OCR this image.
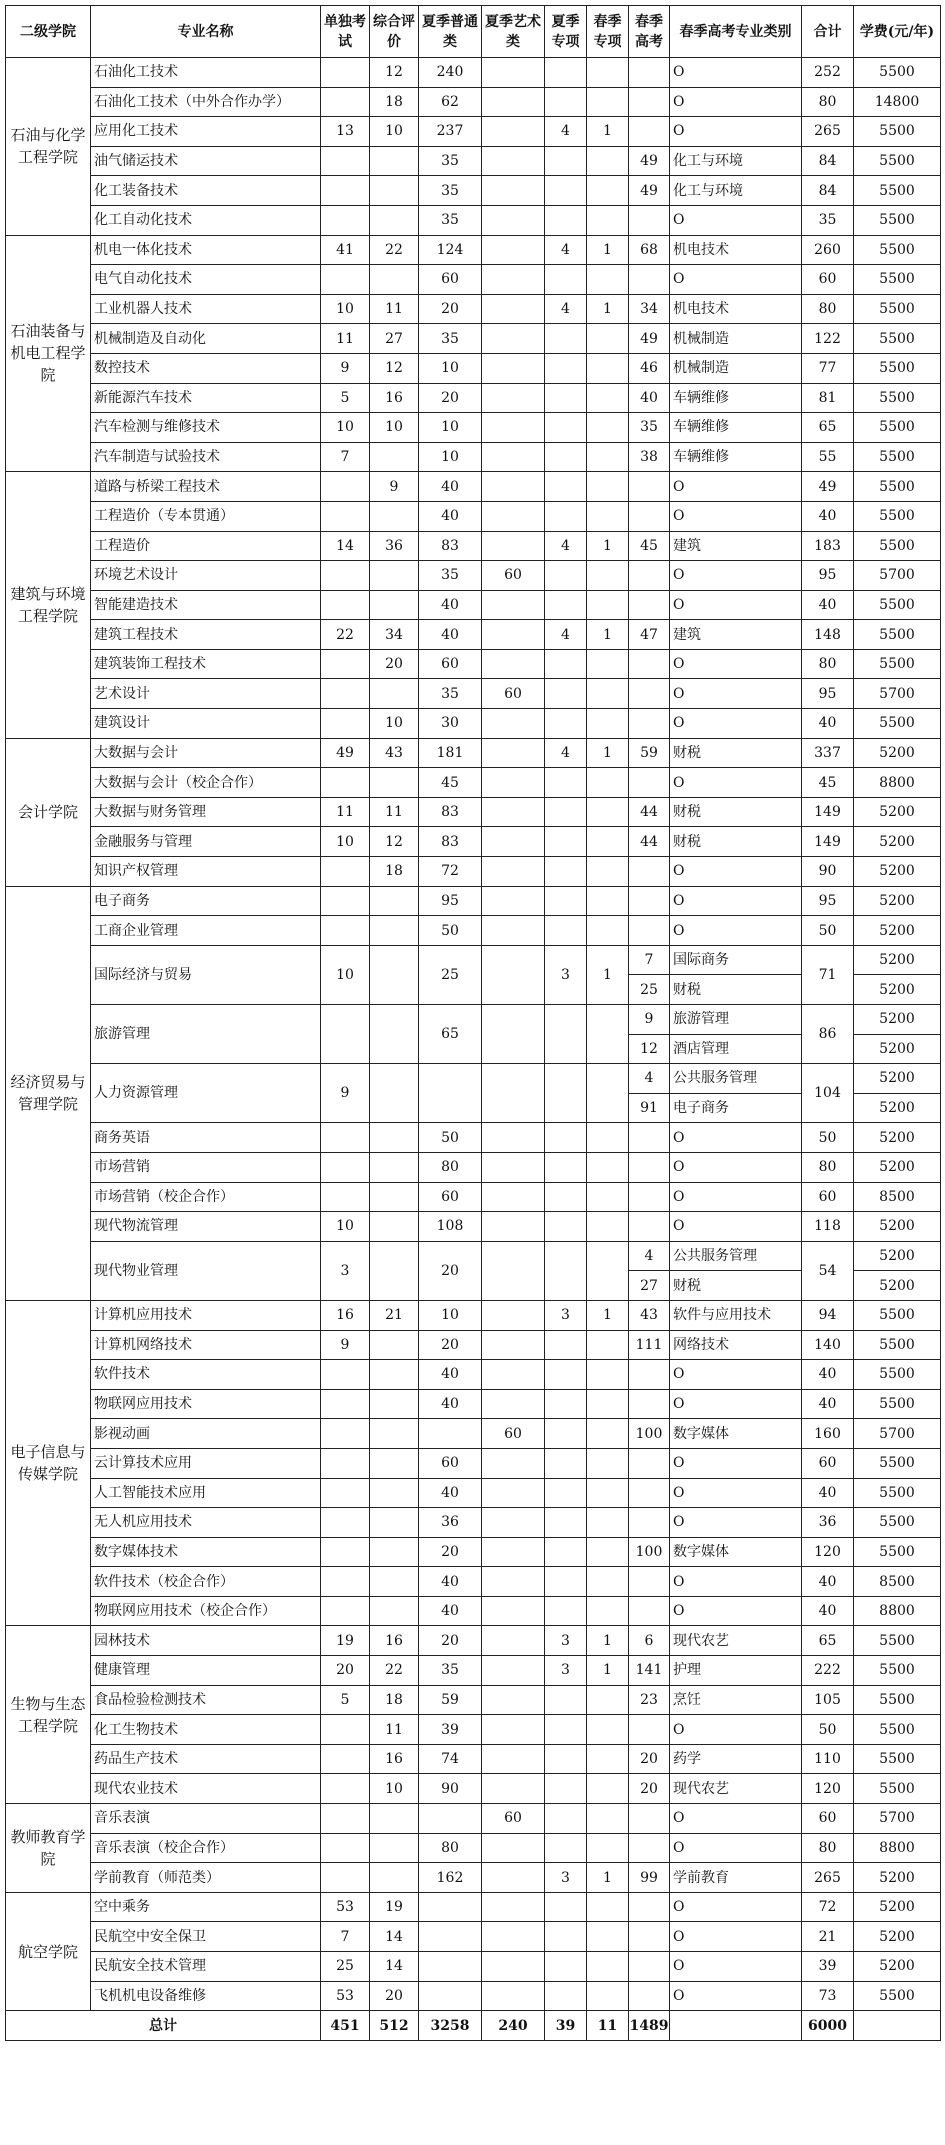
二级学院	专业名称	单独考试	综合评价	夏季普通类	夏季艺术类	夏季专项	春季专项	春季高考	春季高考专业类别	合计	学费(元/年)
石油与化学工程学院	石油化工技术		12	240					O	252	5500
	石油化工技术（中外合作办学）		18	62					O	80	14800
	应用化工技术	13	10	237		4	1		O	265	5500
	油气储运技术			35				49	化工与环境	84	5500
	化工装备技术			35				49	化工与环境	84	5500
	化工自动化技术			35					O	35	5500
石油装备与机电工程学院	机电一体化技术	41	22	124		4	1	68	机电技术	260	5500
	电气自动化技术			60					O	60	5500
	工业机器人技术	10	11	20		4	1	34	机电技术	80	5500
	机械制造及自动化	11	27	35				49	机械制造	122	5500
	数控技术	9	12	10				46	机械制造	77	5500
	新能源汽车技术	5	16	20				40	车辆维修	81	5500
	汽车检测与维修技术	10	10	10				35	车辆维修	65	5500
	汽车制造与试验技术	7		10				38	车辆维修	55	5500
建筑与环境工程学院	道路与桥梁工程技术		9	40					O	49	5500
	工程造价（专本贯通）			40					O	40	5500
	工程造价	14	36	83		4	1	45	建筑	183	5500
	环境艺术设计			35	60				O	95	5700
	智能建造技术			40					O	40	5500
	建筑工程技术	22	34	40		4	1	47	建筑	148	5500
	建筑装饰工程技术		20	60					O	80	5500
	艺术设计			35	60				O	95	5700
	建筑设计		10	30					O	40	5500
会计学院	大数据与会计	49	43	181		4	1	59	财税	337	5200
	大数据与会计（校企合作）			45					O	45	8800
	大数据与财务管理	11	11	83				44	财税	149	5200
	金融服务与管理	10	12	83				44	财税	149	5200
	知识产权管理		18	72					O	90	5200
经济贸易与管理学院	电子商务			95					O	95	5200
	工商企业管理			50					O	50	5200
	国际经济与贸易	10		25		3	1	7	国际商务	71	5200
								25	财税		5200
	旅游管理			65				9	旅游管理	86	5200
								12	酒店管理		5200
	人力资源管理	9						4	公共服务管理	104	5200
								91	电子商务		5200
	商务英语			50					O	50	5200
	市场营销			80					O	80	5200
	市场营销（校企合作）			60					O	60	8500
	现代物流管理	10		108					O	118	5200
	现代物业管理	3		20				4	公共服务管理	54	5200
								27	财税		5200
电子信息与传媒学院	计算机应用技术	16	21	10		3	1	43	软件与应用技术	94	5500
	计算机网络技术	9		20				111	网络技术	140	5500
	软件技术			40					O	40	5500
	物联网应用技术			40					O	40	5500
	影视动画				60			100	数字媒体	160	5700
	云计算技术应用			60					O	60	5500
	人工智能技术应用			40					O	40	5500
	无人机应用技术			36					O	36	5500
	数字媒体技术			20				100	数字媒体	120	5500
	软件技术（校企合作）			40					O	40	8500
	物联网应用技术（校企合作）			40					O	40	8800
生物与生态工程学院	园林技术	19	16	20		3	1	6	现代农艺	65	5500
	健康管理	20	22	35		3	1	141	护理	222	5500
	食品检验检测技术	5	18	59				23	烹饪	105	5500
	化工生物技术		11	39					O	50	5500
	药品生产技术		16	74				20	药学	110	5500
	现代农业技术		10	90				20	现代农艺	120	5500
教师教育学院	音乐表演				60				O	60	5700
	音乐表演（校企合作）			80					O	80	8800
	学前教育（师范类）			162		3	1	99	学前教育	265	5200
航空学院	空中乘务	53	19						O	72	5200
	民航空中安全保卫	7	14						O	21	5200
	民航安全技术管理	25	14						O	39	5200
	飞机机电设备维修	53	20						O	73	5500
总计		451	512	3258	240	39	11	1489		6000	
